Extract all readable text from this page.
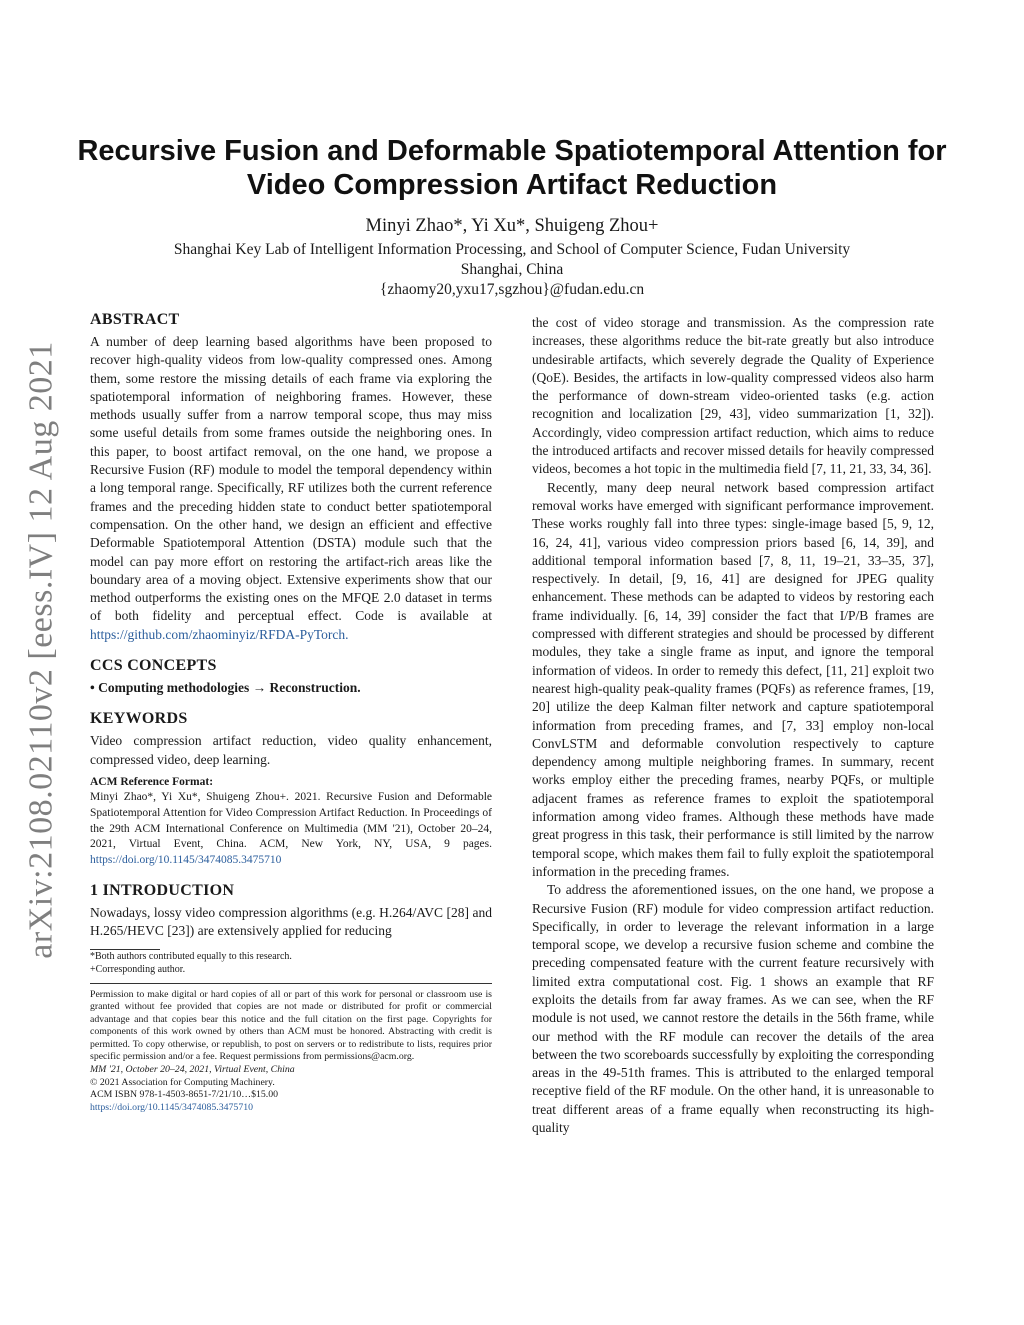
arXiv:2108.02110v2 [eess.IV] 12 Aug 2021
Recursive Fusion and Deformable Spatiotemporal Attention for
Video Compression Artifact Reduction
Minyi Zhao*, Yi Xu*, Shuigeng Zhou+
Shanghai Key Lab of Intelligent Information Processing, and School of Computer Science, Fudan University
Shanghai, China
{zhaomy20,yxu17,sgzhou}@fudan.edu.cn
ABSTRACT

A number of deep learning based algorithms have been proposed to recover high-quality videos from low-quality compressed ones. Among them, some restore the missing details of each frame via exploring the spatiotemporal information of neighboring frames. However, these methods usually suffer from a narrow temporal scope, thus may miss some useful details from some frames outside the neighboring ones. In this paper, to boost artifact removal, on the one hand, we propose a Recursive Fusion (RF) module to model the temporal dependency within a long temporal range. Specifically, RF utilizes both the current reference frames and the preceding hidden state to conduct better spatiotemporal compensation. On the other hand, we design an efficient and effective Deformable Spatiotemporal Attention (DSTA) module such that the model can pay more effort on restoring the artifact-rich areas like the boundary area of a moving object. Extensive experiments show that our method outperforms the existing ones on the MFQE 2.0 dataset in terms of both fidelity and perceptual effect. Code is available at https://github.com/zhaominyiz/RFDA-PyTorch.

CCS CONCEPTS

• Computing methodologies → Reconstruction.

KEYWORDS

Video compression artifact reduction, video quality enhancement, compressed video, deep learning.

ACM Reference Format:

Minyi Zhao*, Yi Xu*, Shuigeng Zhou+. 2021. Recursive Fusion and Deformable Spatiotemporal Attention for Video Compression Artifact Reduction. In Proceedings of the 29th ACM International Conference on Multimedia (MM '21), October 20–24, 2021, Virtual Event, China. ACM, New York, NY, USA, 9 pages. https://doi.org/10.1145/3474085.3475710

1 INTRODUCTION

Nowadays, lossy video compression algorithms (e.g. H.264/AVC [28] and H.265/HEVC [23]) are extensively applied for reducing

*Both authors contributed equally to this research.
+Corresponding author.
Permission to make digital or hard copies of all or part of this work for personal or classroom use is granted without fee provided that copies are not made or distributed for profit or commercial advantage and that copies bear this notice and the full citation on the first page. Copyrights for components of this work owned by others than ACM must be honored. Abstracting with credit is permitted. To copy otherwise, or republish, to post on servers or to redistribute to lists, requires prior specific permission and/or a fee. Request permissions from permissions@acm.org.
MM '21, October 20–24, 2021, Virtual Event, China
© 2021 Association for Computing Machinery.
ACM ISBN 978-1-4503-8651-7/21/10…$15.00
https://doi.org/10.1145/3474085.3475710

the cost of video storage and transmission. As the compression rate increases, these algorithms reduce the bit-rate greatly but also introduce undesirable artifacts, which severely degrade the Quality of Experience (QoE). Besides, the artifacts in low-quality compressed videos also harm the performance of down-stream video-oriented tasks (e.g. action recognition and localization [29, 43], video summarization [1, 32]). Accordingly, video compression artifact reduction, which aims to reduce the introduced artifacts and recover missed details for heavily compressed videos, becomes a hot topic in the multimedia field [7, 11, 21, 33, 34, 36].

Recently, many deep neural network based compression artifact removal works have emerged with significant performance improvement. These works roughly fall into three types: single-image based [5, 9, 12, 16, 24, 41], various video compression priors based [6, 14, 39], and additional temporal information based [7, 8, 11, 19–21, 33–35, 37], respectively. In detail, [9, 16, 41] are designed for JPEG quality enhancement. These methods can be adapted to videos by restoring each frame individually. [6, 14, 39] consider the fact that I/P/B frames are compressed with different strategies and should be processed by different modules, they take a single frame as input, and ignore the temporal information of videos. In order to remedy this defect, [11, 21] exploit two nearest high-quality peak-quality frames (PQFs) as reference frames, [19, 20] utilize the deep Kalman filter network and capture spatiotemporal information from preceding frames, and [7, 33] employ non-local ConvLSTM and deformable convolution respectively to capture dependency among multiple neighboring frames. In summary, recent works employ either the preceding frames, nearby PQFs, or multiple adjacent frames as reference frames to exploit the spatiotemporal information among video frames. Although these methods have made great progress in this task, their performance is still limited by the narrow temporal scope, which makes them fail to fully exploit the spatiotemporal information in the preceding frames.

To address the aforementioned issues, on the one hand, we propose a Recursive Fusion (RF) module for video compression artifact reduction. Specifically, in order to leverage the relevant information in a large temporal scope, we develop a recursive fusion scheme and combine the preceding compensated feature with the current feature recursively with limited extra computational cost. Fig. 1 shows an example that RF exploits the details from far away frames. As we can see, when the RF module is not used, we cannot restore the details in the 56th frame, while our method with the RF module can recover the details of the area between the two scoreboards successfully by exploiting the corresponding areas in the 49-51th frames. This is attributed to the enlarged temporal receptive field of the RF module. On the other hand, it is unreasonable to treat different areas of a frame equally when reconstructing its high-quality
